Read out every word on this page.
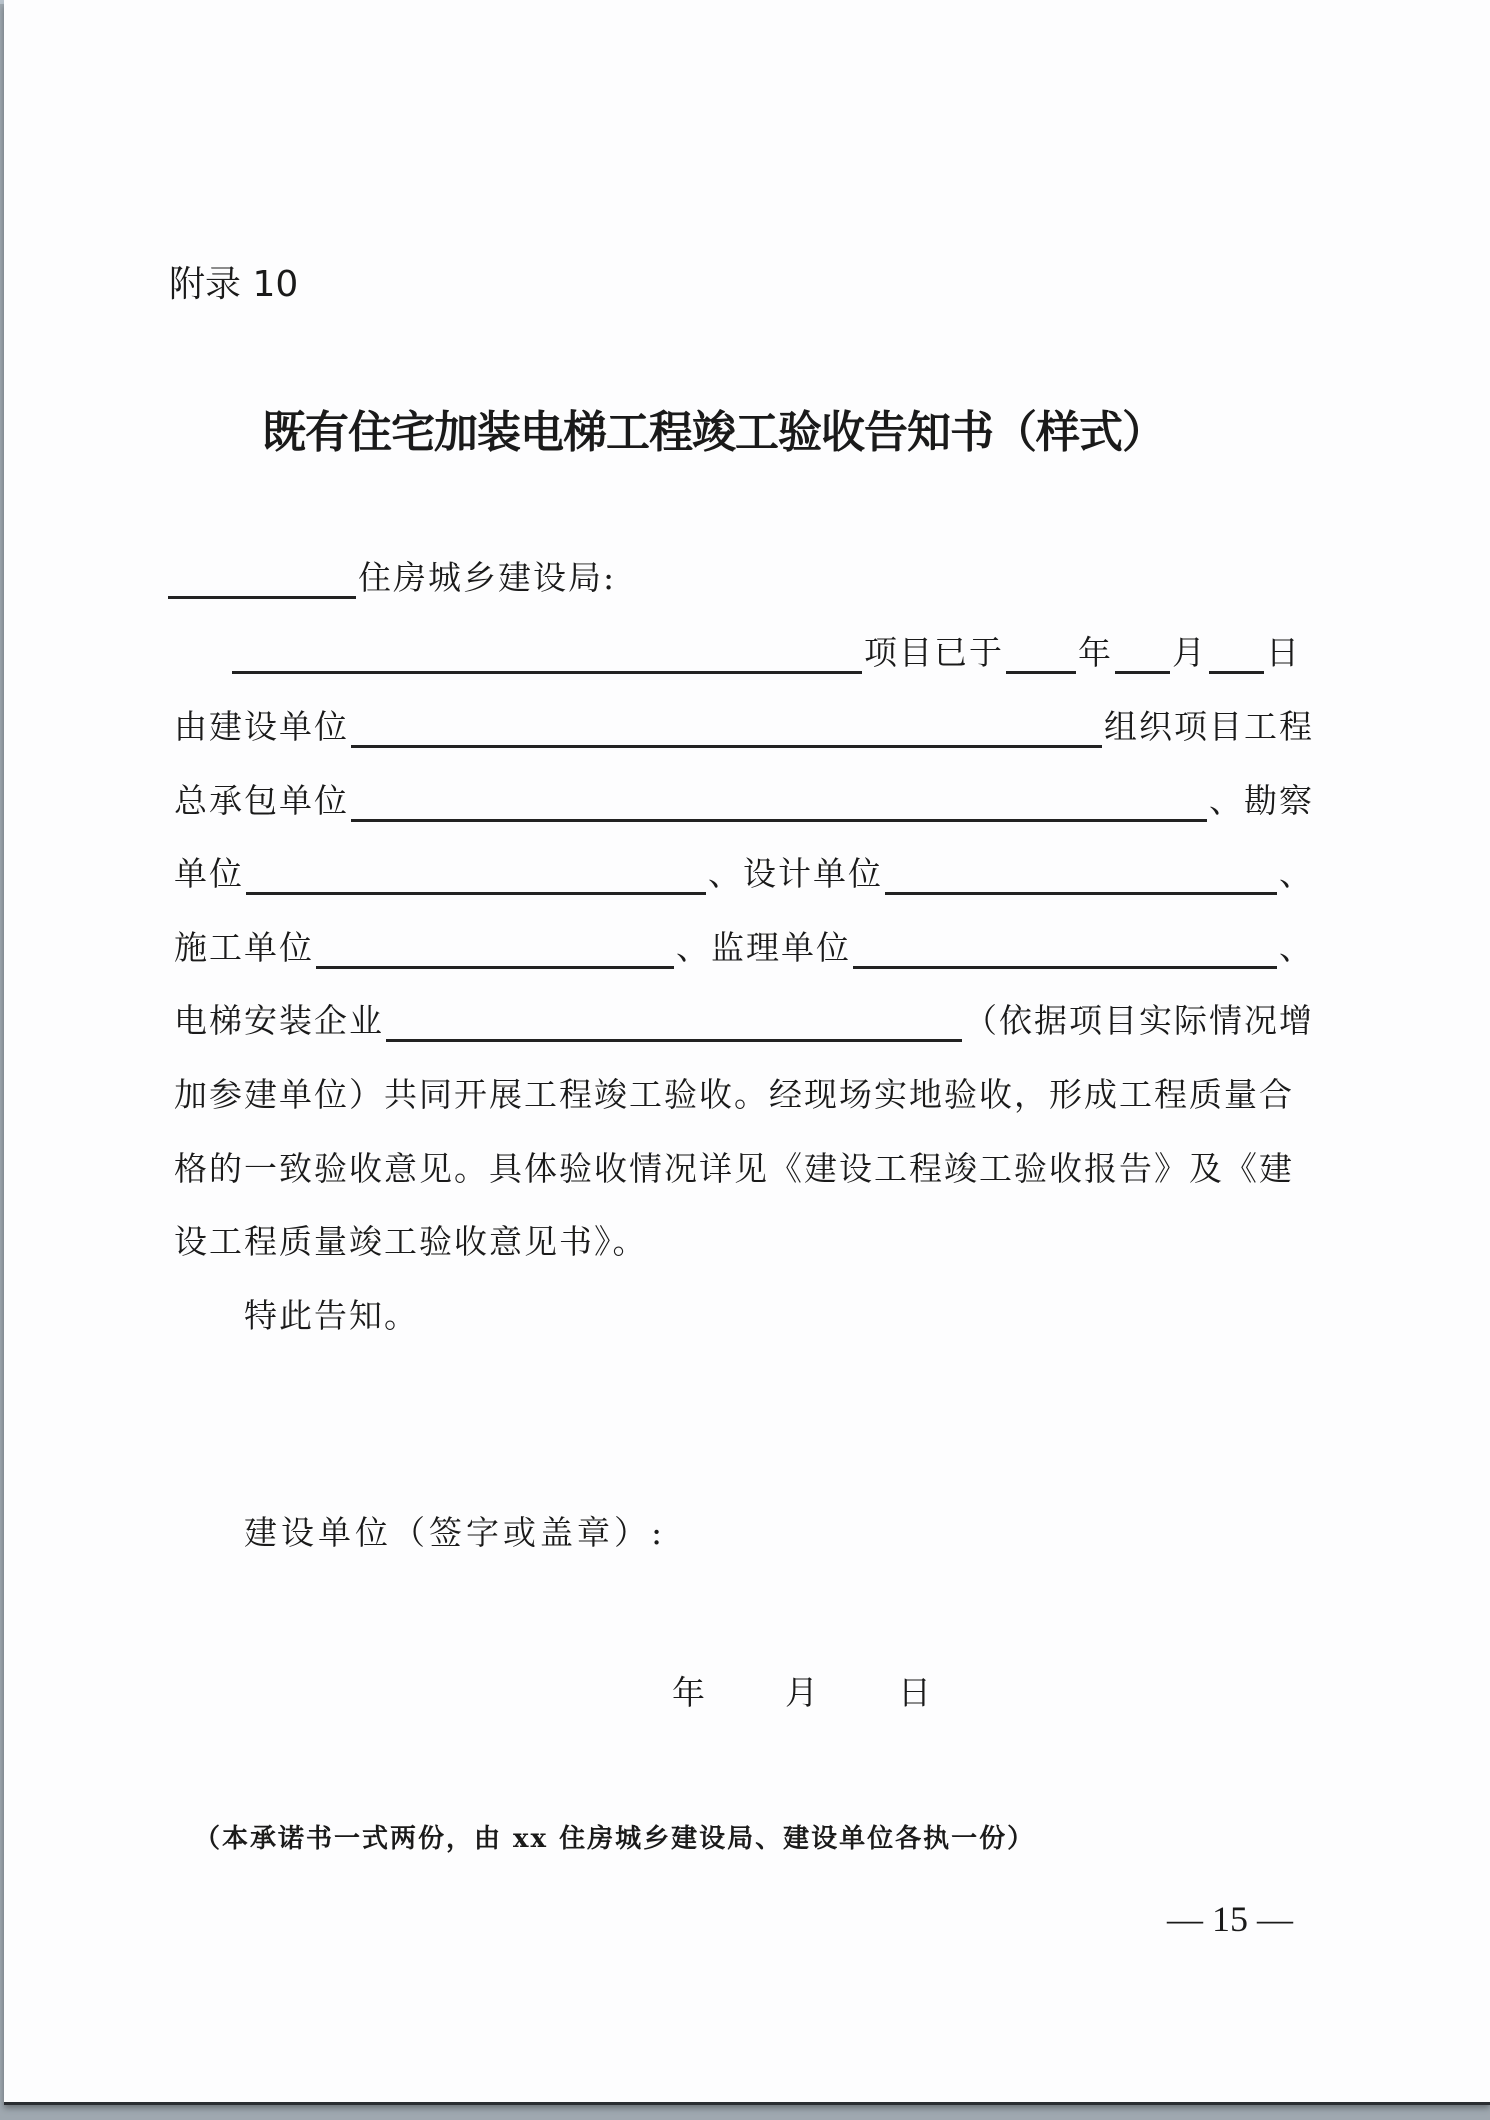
附录 10
既有住宅加装电梯工程竣工验收告知书（样式）
住房城乡建设局:
项目已于 年 月 日
由建设单位	组织项目工程
总承包单位	、勘察
单位	、设计单位	、
施工单位	、监理单位	、
电梯安装企业	（依据项目实际情况增
加参建单位）共同开展工程竣工验收。经现场实地验收，形成工程质量合
格的一致验收意见。具体验收情况详见《建设工程竣工验收报告》及《建
设工程质量竣工验收意见书》。
特此告知。
建设单位（签字或盖章）:
年 月 日
（本承诺书一式两份，由 xx 住房城乡建设局、建设单位各执一份）
— 15 —
